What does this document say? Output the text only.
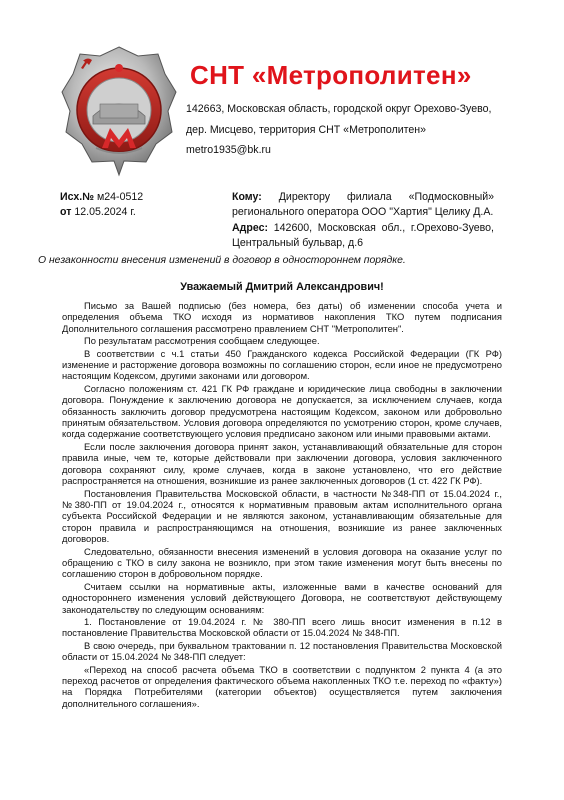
СНТ «Метрополитен»
142663, Московская область, городской округ Орехово-Зуево,
дер. Мисцево, территория СНТ «Метрополитен»
metro1935@bk.ru
Исх.№ м24-0512
от 12.05.2024 г.
Кому: Директору филиала «Подмосковный» регионального оператора ООО "Хартия" Целику Д.А.
Адрес: 142600, Московская обл., г.Орехово-Зуево, Центральный бульвар, д.6
О незаконности внесения изменений в договор в одностороннем порядке.
Уважаемый Дмитрий Александрович!

Письмо за Вашей подписью (без номера, без даты) об изменении способа учета и определения объема ТКО исходя из нормативов накопления ТКО путем подписания Дополнительного соглашения рассмотрено правлением СНТ "Метрополитен".

По результатам рассмотрения сообщаем следующее.

В соответствии с ч.1 статьи 450 Гражданского кодекса Российской Федерации (ГК РФ) изменение и расторжение договора возможны по соглашению сторон, если иное не предусмотрено настоящим Кодексом, другими законами или договором.

Согласно положениям ст. 421 ГК РФ граждане и юридические лица свободны в заключении договора. Понуждение к заключению договора не допускается, за исключением случаев, когда обязанность заключить договор предусмотрена настоящим Кодексом, законом или добровольно принятым обязательством. Условия договора определяются по усмотрению сторон, кроме случаев, когда содержание соответствующего условия предписано законом или иными правовыми актами.

Если после заключения договора принят закон, устанавливающий обязательные для сторон правила иные, чем те, которые действовали при заключении договора, условия заключенного договора сохраняют силу, кроме случаев, когда в законе установлено, что его действие распространяется на отношения, возникшие из ранее заключенных договоров (1 ст. 422 ГК РФ).

Постановления Правительства Московской области, в частности №348-ПП от 15.04.2024 г., №380-ПП от 19.04.2024 г., относятся к нормативным правовым актам исполнительного органа субъекта Российской Федерации и не являются законом, устанавливающим обязательные для сторон правила и распространяющимся на отношения, возникшие из ранее заключенных договоров.

Следовательно, обязанности внесения изменений в условия договора на оказание услуг по обращению с ТКО в силу закона не возникло, при этом такие изменения могут быть внесены по соглашению сторон в добровольном порядке.

Считаем ссылки на нормативные акты, изложенные вами в качестве оснований для одностороннего изменения условий действующего Договора, не соответствуют действующему законодательству по следующим основаниям:

1. Постановление от 19.04.2024 г. № 380-ПП всего лишь вносит изменения в п.12 в постановление Правительства Московской области от 15.04.2024 № 348-ПП.

В свою очередь, при буквальном трактовании п. 12 постановления Правительства Московской области от 15.04.2024 № 348-ПП следует:

«Переход на способ расчета объема ТКО в соответствии с подпунктом 2 пункта 4 (а это переход расчетов от определения фактического объема накопленных ТКО т.е. переход по «факту») на Порядка Потребителями (категории объектов) осуществляется путем заключения дополнительного соглашения».
